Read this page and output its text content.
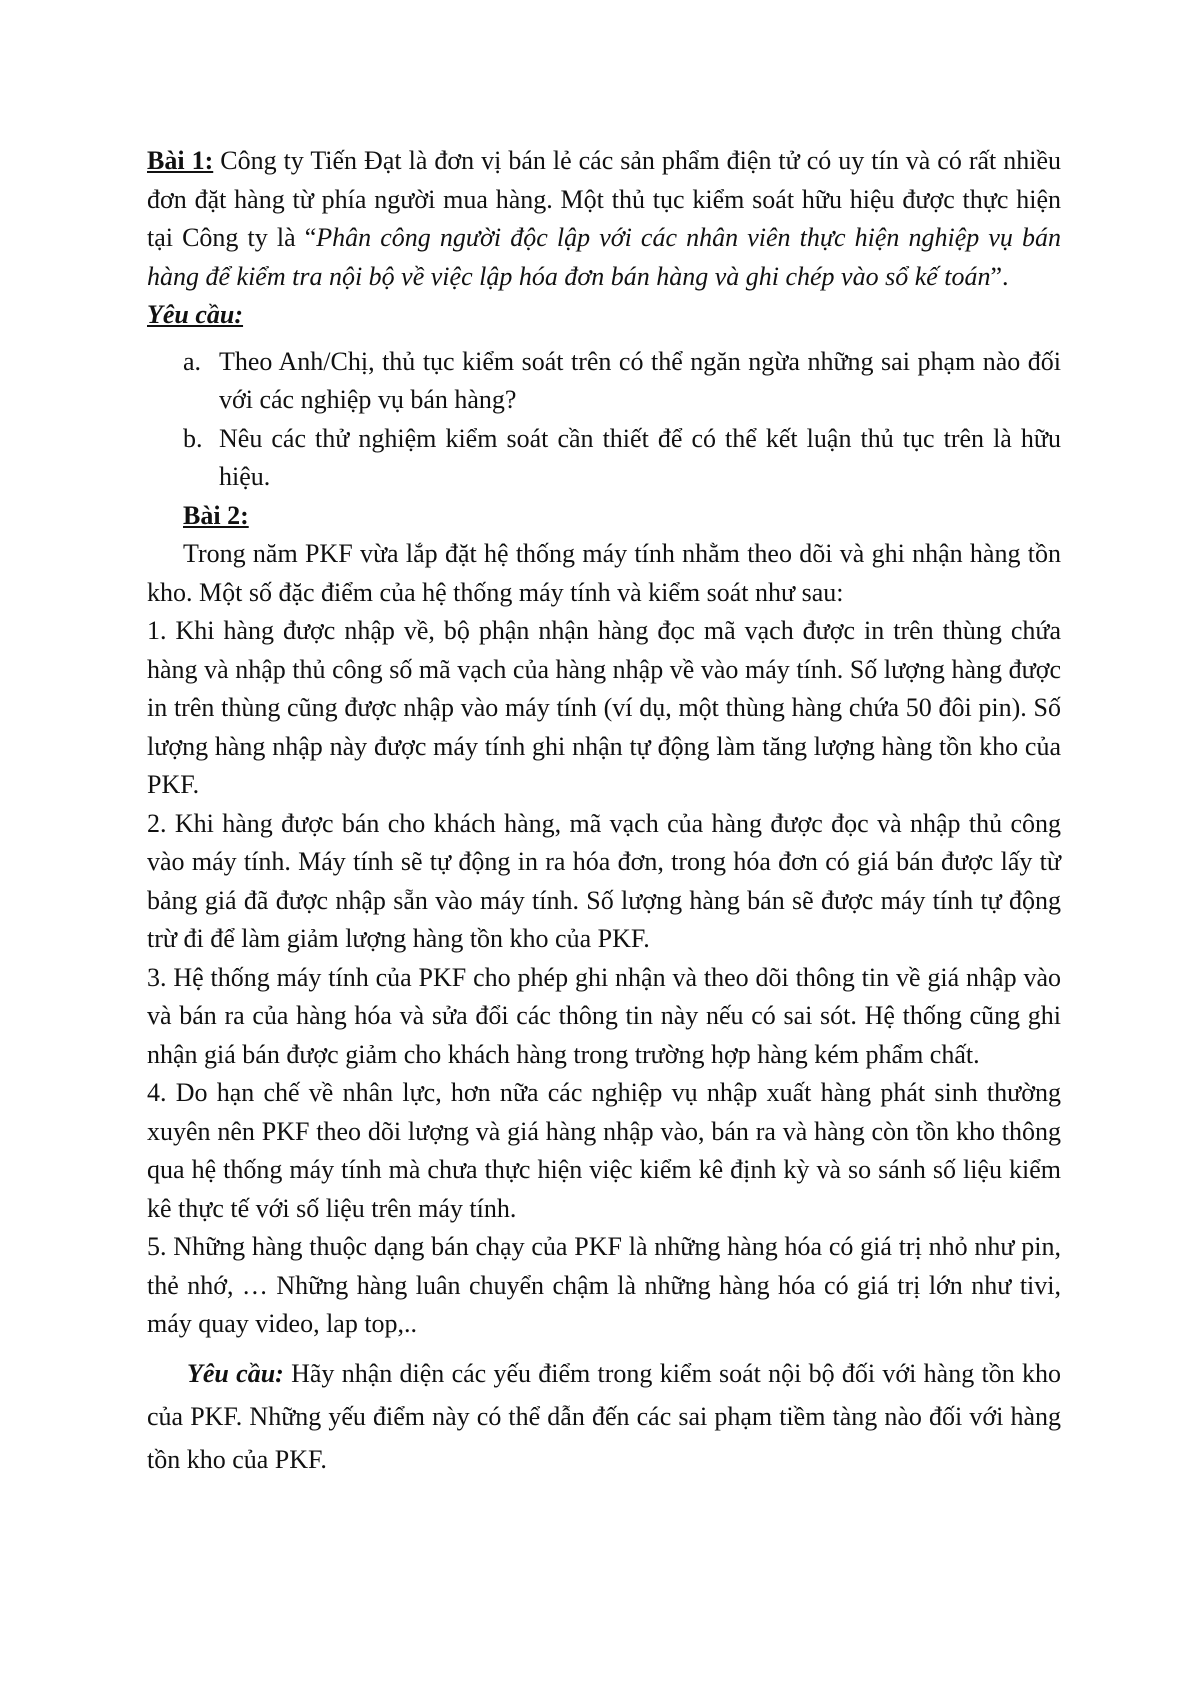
Bài 1: Công ty Tiến Đạt là đơn vị bán lẻ các sản phẩm điện tử có uy tín và có rất nhiều đơn đặt hàng từ phía người mua hàng. Một thủ tục kiểm soát hữu hiệu được thực hiện tại Công ty là “Phân công người độc lập với các nhân viên thực hiện nghiệp vụ bán hàng để kiểm tra nội bộ về việc lập hóa đơn bán hàng và ghi chép vào sổ kế toán”.

Yêu cầu:

a. Theo Anh/Chị, thủ tục kiểm soát trên có thể ngăn ngừa những sai phạm nào đối với các nghiệp vụ bán hàng?
b. Nêu các thử nghiệm kiểm soát cần thiết để có thể kết luận thủ tục trên là hữu hiệu.

Bài 2:

Trong năm PKF vừa lắp đặt hệ thống máy tính nhằm theo dõi và ghi nhận hàng tồn kho. Một số đặc điểm của hệ thống máy tính và kiểm soát như sau:

1. Khi hàng được nhập về, bộ phận nhận hàng đọc mã vạch được in trên thùng chứa hàng và nhập thủ công số mã vạch của hàng nhập về vào máy tính. Số lượng hàng được in trên thùng cũng được nhập vào máy tính (ví dụ, một thùng hàng chứa 50 đôi pin). Số lượng hàng nhập này được máy tính ghi nhận tự động làm tăng lượng hàng tồn kho của PKF.

2. Khi hàng được bán cho khách hàng, mã vạch của hàng được đọc và nhập thủ công vào máy tính. Máy tính sẽ tự động in ra hóa đơn, trong hóa đơn có giá bán được lấy từ bảng giá đã được nhập sẵn vào máy tính. Số lượng hàng bán sẽ được máy tính tự động trừ đi để làm giảm lượng hàng tồn kho của PKF.

3. Hệ thống máy tính của PKF cho phép ghi nhận và theo dõi thông tin về giá nhập vào và bán ra của hàng hóa và sửa đổi các thông tin này nếu có sai sót. Hệ thống cũng ghi nhận giá bán được giảm cho khách hàng trong trường hợp hàng kém phẩm chất.

4. Do hạn chế về nhân lực, hơn nữa các nghiệp vụ nhập xuất hàng phát sinh thường xuyên nên PKF theo dõi lượng và giá hàng nhập vào, bán ra và hàng còn tồn kho thông qua hệ thống máy tính mà chưa thực hiện việc kiểm kê định kỳ và so sánh số liệu kiểm kê thực tế với số liệu trên máy tính.

5. Những hàng thuộc dạng bán chạy của PKF là những hàng hóa có giá trị nhỏ như pin, thẻ nhớ, … Những hàng luân chuyển chậm là những hàng hóa có giá trị lớn như tivi, máy quay video, lap top,..

Yêu cầu: Hãy nhận diện các yếu điểm trong kiểm soát nội bộ đối với hàng tồn kho của PKF. Những yếu điểm này có thể dẫn đến các sai phạm tiềm tàng nào đối với hàng tồn kho của PKF.
